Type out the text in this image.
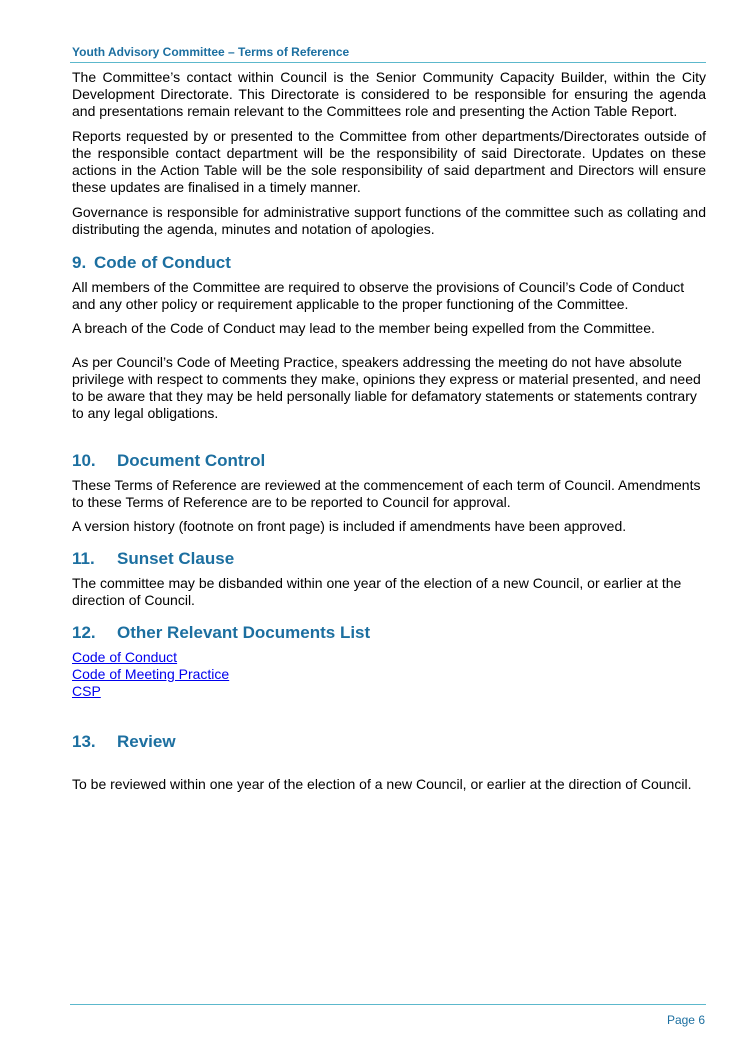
Youth Advisory Committee – Terms of Reference

The Committee’s contact within Council is the Senior Community Capacity Builder, within the City Development Directorate. This Directorate is considered to be responsible for ensuring the agenda and presentations remain relevant to the Committees role and presenting the Action Table Report.

Reports requested by or presented to the Committee from other departments/Directorates outside of the responsible contact department will be the responsibility of said Directorate. Updates on these actions in the Action Table will be the sole responsibility of said department and Directors will ensure these updates are finalised in a timely manner.

Governance is responsible for administrative support functions of the committee such as collating and distributing the agenda, minutes and notation of apologies.

9. Code of Conduct

All members of the Committee are required to observe the provisions of Council’s Code of Conduct and any other policy or requirement applicable to the proper functioning of the Committee.

A breach of the Code of Conduct may lead to the member being expelled from the Committee.

As per Council’s Code of Meeting Practice, speakers addressing the meeting do not have absolute privilege with respect to comments they make, opinions they express or material presented, and need to be aware that they may be held personally liable for defamatory statements or statements contrary to any legal obligations.

10. Document Control

These Terms of Reference are reviewed at the commencement of each term of Council. Amendments to these Terms of Reference are to be reported to Council for approval.

A version history (footnote on front page) is included if amendments have been approved.

11. Sunset Clause

The committee may be disbanded within one year of the election of a new Council, or earlier at the direction of Council.

12. Other Relevant Documents List
Code of Conduct
Code of Meeting Practice
CSP
13. Review

To be reviewed within one year of the election of a new Council, or earlier at the direction of Council.

Page 6
